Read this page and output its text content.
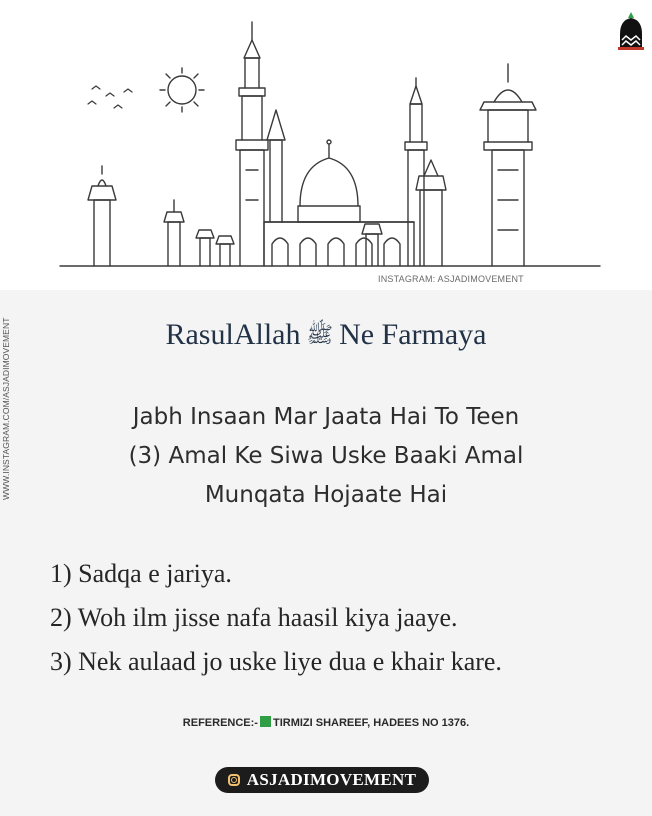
INSTAGRAM: ASJADIMOVEMENT
WWW.INSTAGRAM.COM/ASJADIMOVEMENT	RasulAllah ﷺ Ne Farmaya
Jabh Insaan Mar Jaata Hai To Teen
(3) Amal Ke Siwa Uske Baaki Amal
Munqata Hojaate Hai
1) Sadqa e jariya.
2) Woh ilm jisse nafa haasil kiya jaaye.
3) Nek aulaad jo uske liye dua e khair kare.
REFERENCE:- TIRMIZI SHAREEF, HADEES NO 1376.
ASJADIMOVEMENT
